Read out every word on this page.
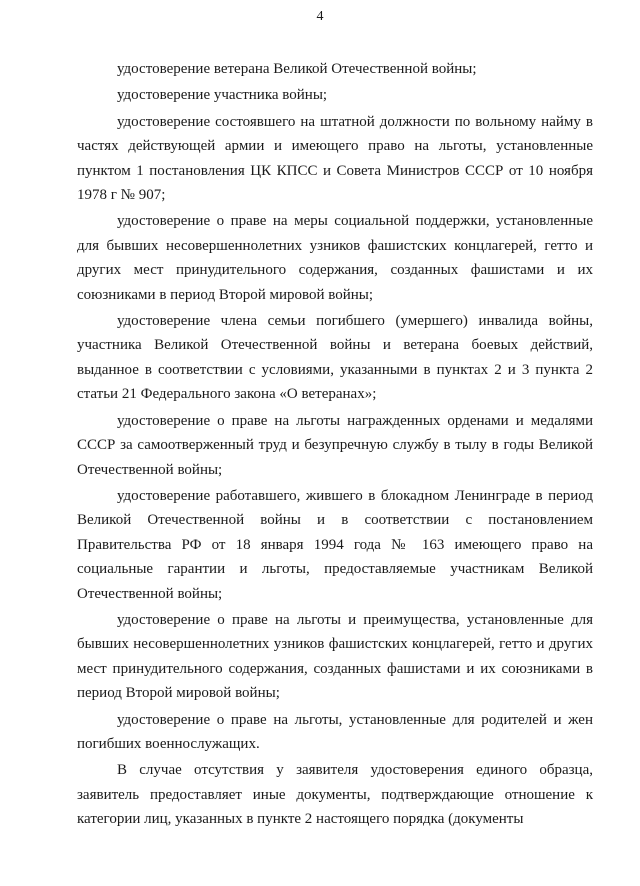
4

удостоверение ветерана Великой Отечественной войны;

удостоверение участника войны;

удостоверение состоявшего на штатной должности по вольному найму в частях действующей армии и имеющего право на льготы, установленные пунктом 1 постановления ЦК КПСС и Совета Министров СССР от 10 ноября 1978 г № 907;

удостоверение о праве на меры социальной поддержки, установленные для бывших несовершеннолетних узников фашистских концлагерей, гетто и других мест принудительного содержания, созданных фашистами и их союзниками в период Второй мировой войны;

удостоверение члена семьи погибшего (умершего) инвалида войны, участника Великой Отечественной войны и ветерана боевых действий, выданное в соответствии с условиями, указанными в пунктах 2 и 3 пункта 2 статьи 21 Федерального закона «О ветеранах»;

удостоверение о праве на льготы награжденных орденами и медалями СССР за самоотверженный труд и безупречную службу в тылу в годы Великой Отечественной войны;

удостоверение работавшего, жившего в блокадном Ленинграде в период Великой Отечественной войны и в соответствии с постановлением Правительства РФ от 18 января 1994 года № 163 имеющего право на социальные гарантии и льготы, предоставляемые участникам Великой Отечественной войны;

удостоверение о праве на льготы и преимущества, установленные для бывших несовершеннолетних узников фашистских концлагерей, гетто и других мест принудительного содержания, созданных фашистами и их союзниками в период Второй мировой войны;

удостоверение о праве на льготы, установленные для родителей и жен погибших военнослужащих.

В случае отсутствия у заявителя удостоверения единого образца, заявитель предоставляет иные документы, подтверждающие отношение к категории лиц, указанных в пункте 2 настоящего порядка (документы
